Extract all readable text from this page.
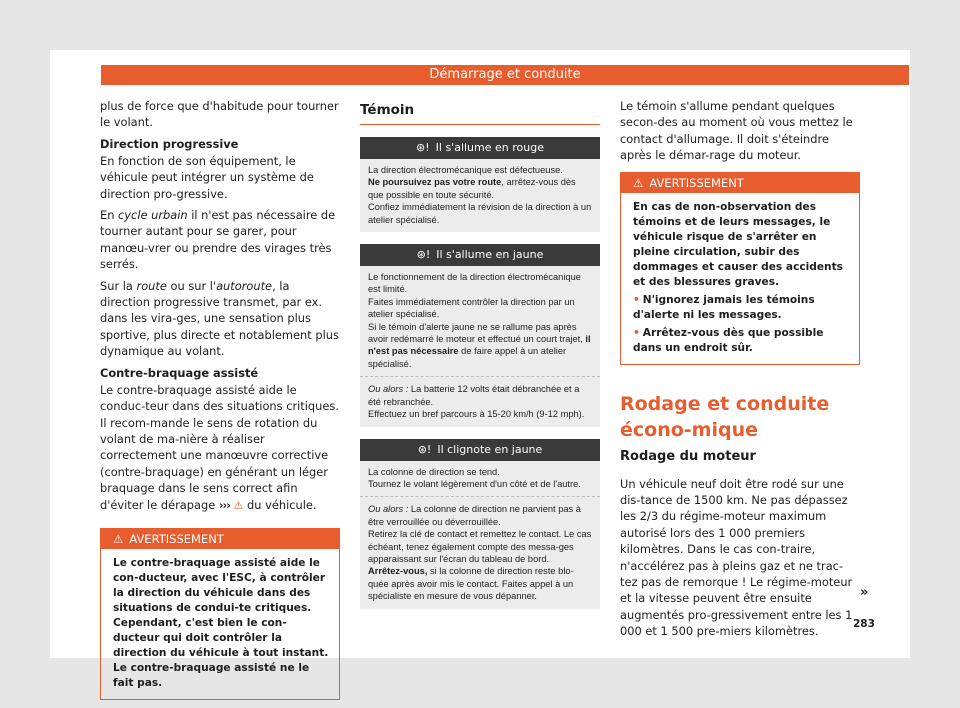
Démarrage et conduite

plus de force que d'habitude pour tourner le volant.

Direction progressive

En fonction de son équipement, le véhicule peut intégrer un système de direction pro-gressive.

En cycle urbain il n'est pas nécessaire de tourner autant pour se garer, pour manœu-vrer ou prendre des virages très serrés.

Sur la route ou sur l'autoroute, la direction progressive transmet, par ex. dans les vira-ges, une sensation plus sportive, plus directe et notablement plus dynamique au volant.

Contre-braquage assisté

Le contre-braquage assisté aide le conduc-teur dans des situations critiques. Il recom-mande le sens de rotation du volant de ma-nière à réaliser correctement une manœuvre corrective (contre-braquage) en générant un léger braquage dans le sens correct afin d'éviter le dérapage ››› ⚠ du véhicule.

⚠ AVERTISSEMENT
Le contre-braquage assisté aide le con-ducteur, avec l'ESC, à contrôler la direction du véhicule dans des situations de condui-te critiques. Cependant, c'est bien le con-ducteur qui doit contrôler la direction du véhicule à tout instant. Le contre-braquage assisté ne le fait pas.
Témoin
⊛! Il s'allume en rouge
La direction électromécanique est défectueuse.
Ne poursuivez pas votre route, arrêtez-vous dès que possible en toute sécurité.
Confiez immédiatement la révision de la direction à un atelier spécialisé.
⊛! Il s'allume en jaune
Le fonctionnement de la direction électromécanique est limité.
Faites immédiatement contrôler la direction par un atelier spécialisé.
Si le témoin d'alerte jaune ne se rallume pas après avoir redémarré le moteur et effectué un court trajet, il n'est pas nécessaire de faire appel à un atelier spécialisé.
Ou alors : La batterie 12 volts était débranchée et a été rebranchée.
Effectuez un bref parcours à 15-20 km/h (9-12 mph).
⊛! Il clignote en jaune
La colonne de direction se tend.
Tournez le volant légèrement d'un côté et de l'autre.
Ou alors : La colonne de direction ne parvient pas à être verrouillée ou déverrouillée.
Retirez la clé de contact et remettez le contact. Le cas échéant, tenez également compte des messa-ges apparaissant sur l'écran du tableau de bord.
Arrêtez-vous, si la colonne de direction reste blo-quée après avoir mis le contact. Faites appel à un spécialiste en mesure de vous dépanner.

Le témoin s'allume pendant quelques secon-des au moment où vous mettez le contact d'allumage. Il doit s'éteindre après le démar-rage du moteur.

⚠ AVERTISSEMENT
En cas de non-observation des témoins et de leurs messages, le véhicule risque de s'arrêter en pleine circulation, subir des dommages et causer des accidents et des blessures graves.
• N'ignorez jamais les témoins d'alerte ni les messages.
• Arrêtez-vous dès que possible dans un endroit sûr.
Rodage et conduite écono-mique
Rodage du moteur

Un véhicule neuf doit être rodé sur une dis-tance de 1500 km. Ne pas dépassez les 2/3 du régime-moteur maximum autorisé lors des 1 000 premiers kilomètres. Dans le cas con-traire, n'accélérez pas à pleins gaz et ne trac-tez pas de remorque ! Le régime-moteur et la vitesse peuvent être ensuite augmentés pro-gressivement entre les 1 000 et 1 500 pre-miers kilomètres.

»
283
